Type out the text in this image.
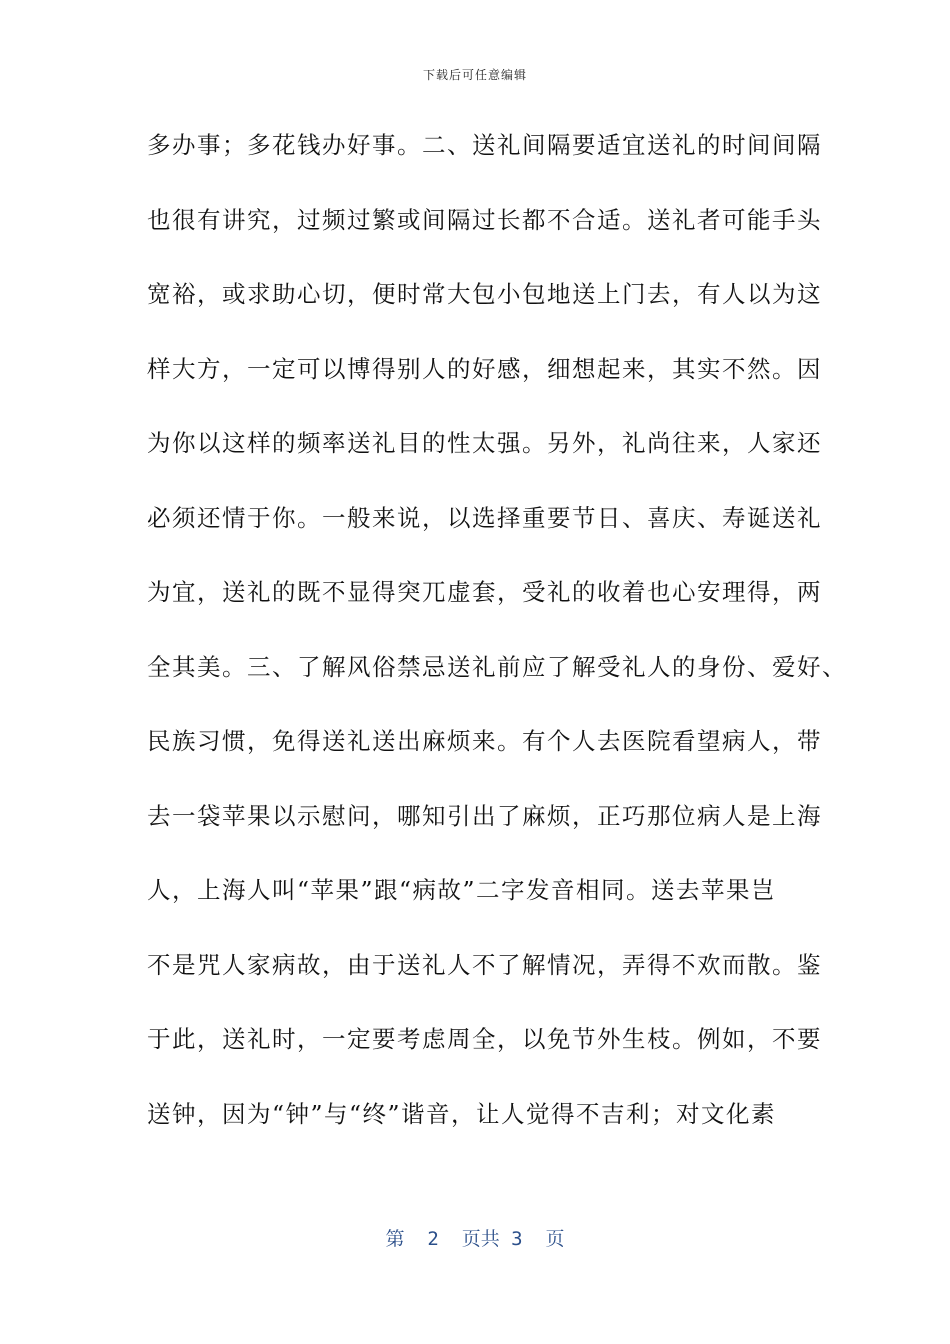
下载后可任意编辑
多办事；多花钱办好事。二、送礼间隔要适宜送礼的时间间隔
也很有讲究，过频过繁或间隔过长都不合适。送礼者可能手头
宽裕，或求助心切，便时常大包小包地送上门去，有人以为这
样大方，一定可以博得别人的好感，细想起来，其实不然。因
为你以这样的频率送礼目的性太强。另外，礼尚往来，人家还
必须还情于你。一般来说，以选择重要节日、喜庆、寿诞送礼
为宜，送礼的既不显得突兀虚套，受礼的收着也心安理得，两
全其美。三、了解风俗禁忌送礼前应了解受礼人的身份、爱好、
民族习惯，免得送礼送出麻烦来。有个人去医院看望病人，带
去一袋苹果以示慰问，哪知引出了麻烦，正巧那位病人是上海
人，上海人叫“苹果”跟“病故”二字发音相同。送去苹果岂
不是咒人家病故，由于送礼人不了解情况，弄得不欢而散。鉴
于此，送礼时，一定要考虑周全，以免节外生枝。例如，不要
送钟，因为“钟”与“终”谐音，让人觉得不吉利；对文化素
第  2  页共 3  页
